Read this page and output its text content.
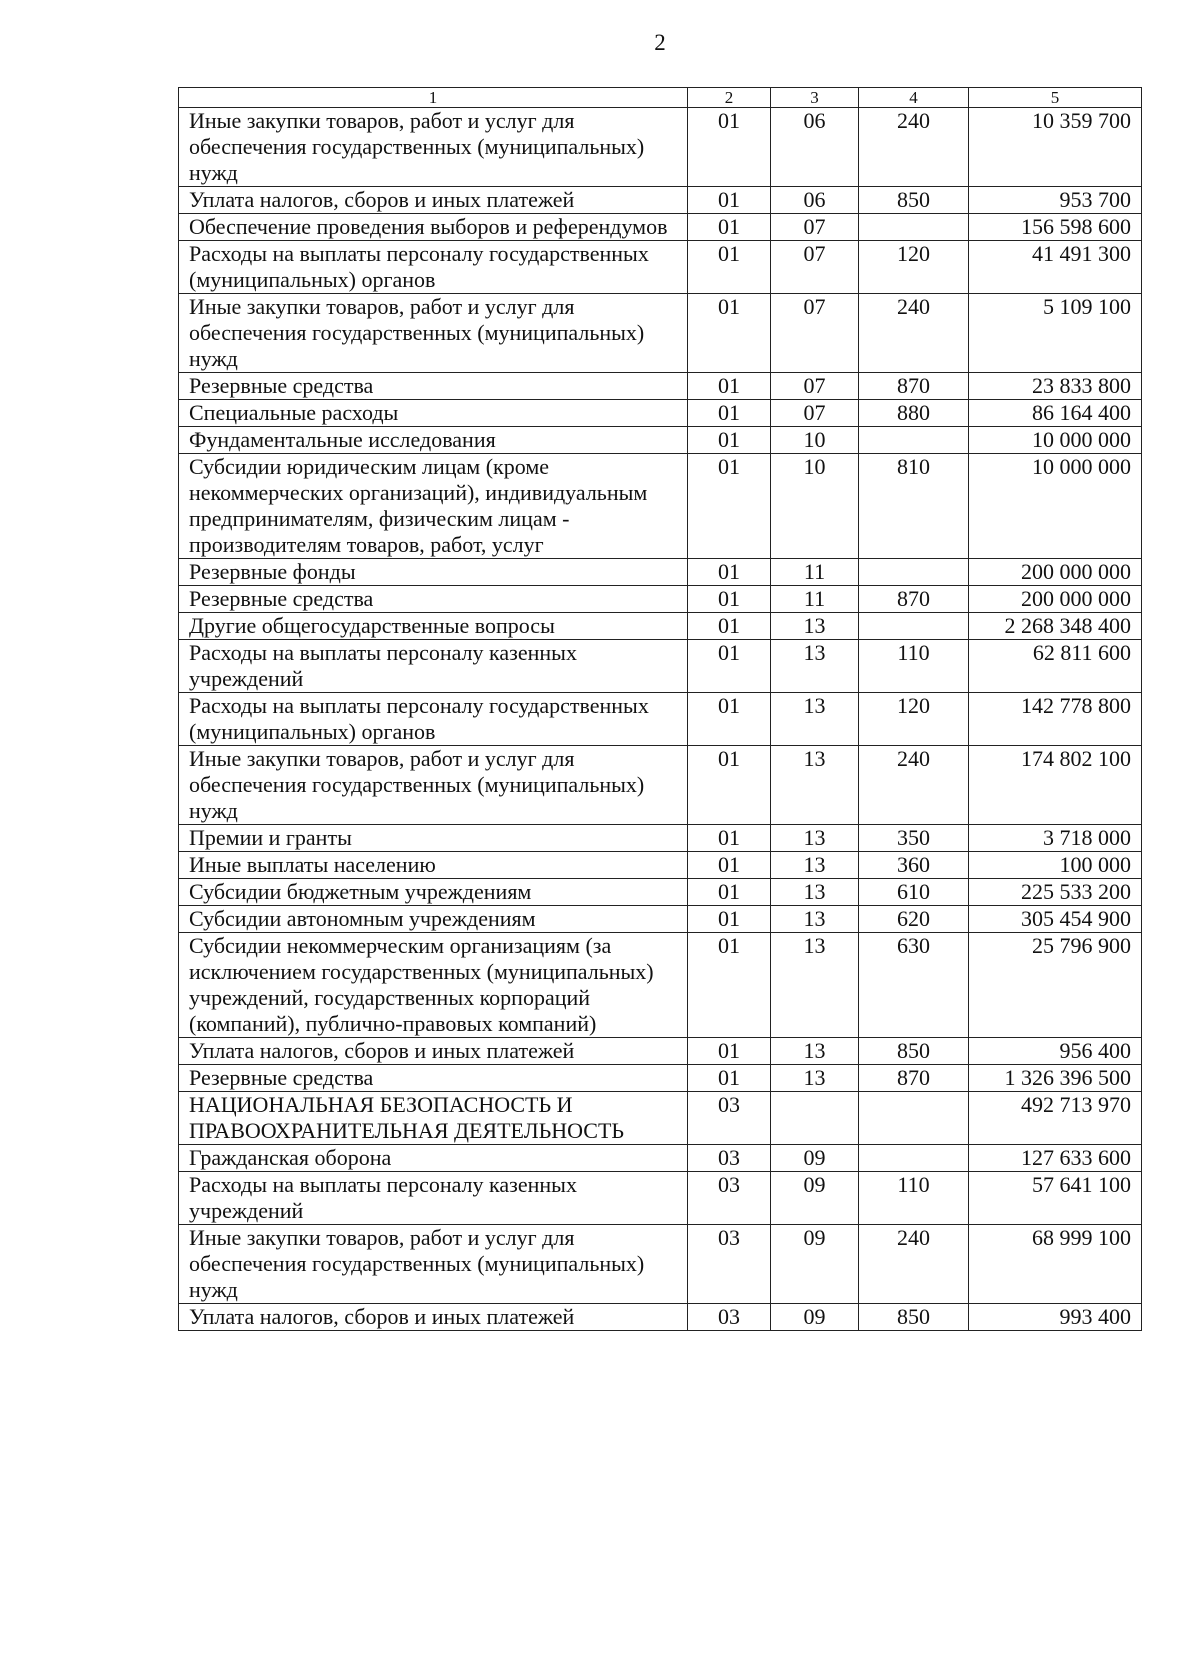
2
1	2	3	4	5
Иные закупки товаров, работ и услуг для обеспечения государственных (муниципальных) нужд	01	06	240	10 359 700
Уплата налогов, сборов и иных платежей	01	06	850	953 700
Обеспечение проведения выборов и референдумов	01	07		156 598 600
Расходы на выплаты персоналу государственных (муниципальных) органов	01	07	120	41 491 300
Иные закупки товаров, работ и услуг для обеспечения государственных (муниципальных) нужд	01	07	240	5 109 100
Резервные средства	01	07	870	23 833 800
Специальные расходы	01	07	880	86 164 400
Фундаментальные исследования	01	10		10 000 000
Субсидии юридическим лицам (кроме некоммерческих организаций), индивидуальным предпринимателям, физическим лицам - производителям товаров, работ, услуг	01	10	810	10 000 000
Резервные фонды	01	11		200 000 000
Резервные средства	01	11	870	200 000 000
Другие общегосударственные вопросы	01	13		2 268 348 400
Расходы на выплаты персоналу казенных учреждений	01	13	110	62 811 600
Расходы на выплаты персоналу государственных (муниципальных) органов	01	13	120	142 778 800
Иные закупки товаров, работ и услуг для обеспечения государственных (муниципальных) нужд	01	13	240	174 802 100
Премии и гранты	01	13	350	3 718 000
Иные выплаты населению	01	13	360	100 000
Субсидии бюджетным учреждениям	01	13	610	225 533 200
Субсидии автономным учреждениям	01	13	620	305 454 900
Субсидии некоммерческим организациям (за исключением государственных (муниципальных) учреждений, государственных корпораций (компаний), публично-правовых компаний)	01	13	630	25 796 900
Уплата налогов, сборов и иных платежей	01	13	850	956 400
Резервные средства	01	13	870	1 326 396 500
НАЦИОНАЛЬНАЯ БЕЗОПАСНОСТЬ И ПРАВООХРАНИТЕЛЬНАЯ ДЕЯТЕЛЬНОСТЬ	03			492 713 970
Гражданская оборона	03	09		127 633 600
Расходы на выплаты персоналу казенных учреждений	03	09	110	57 641 100
Иные закупки товаров, работ и услуг для обеспечения государственных (муниципальных) нужд	03	09	240	68 999 100
Уплата налогов, сборов и иных платежей	03	09	850	993 400
